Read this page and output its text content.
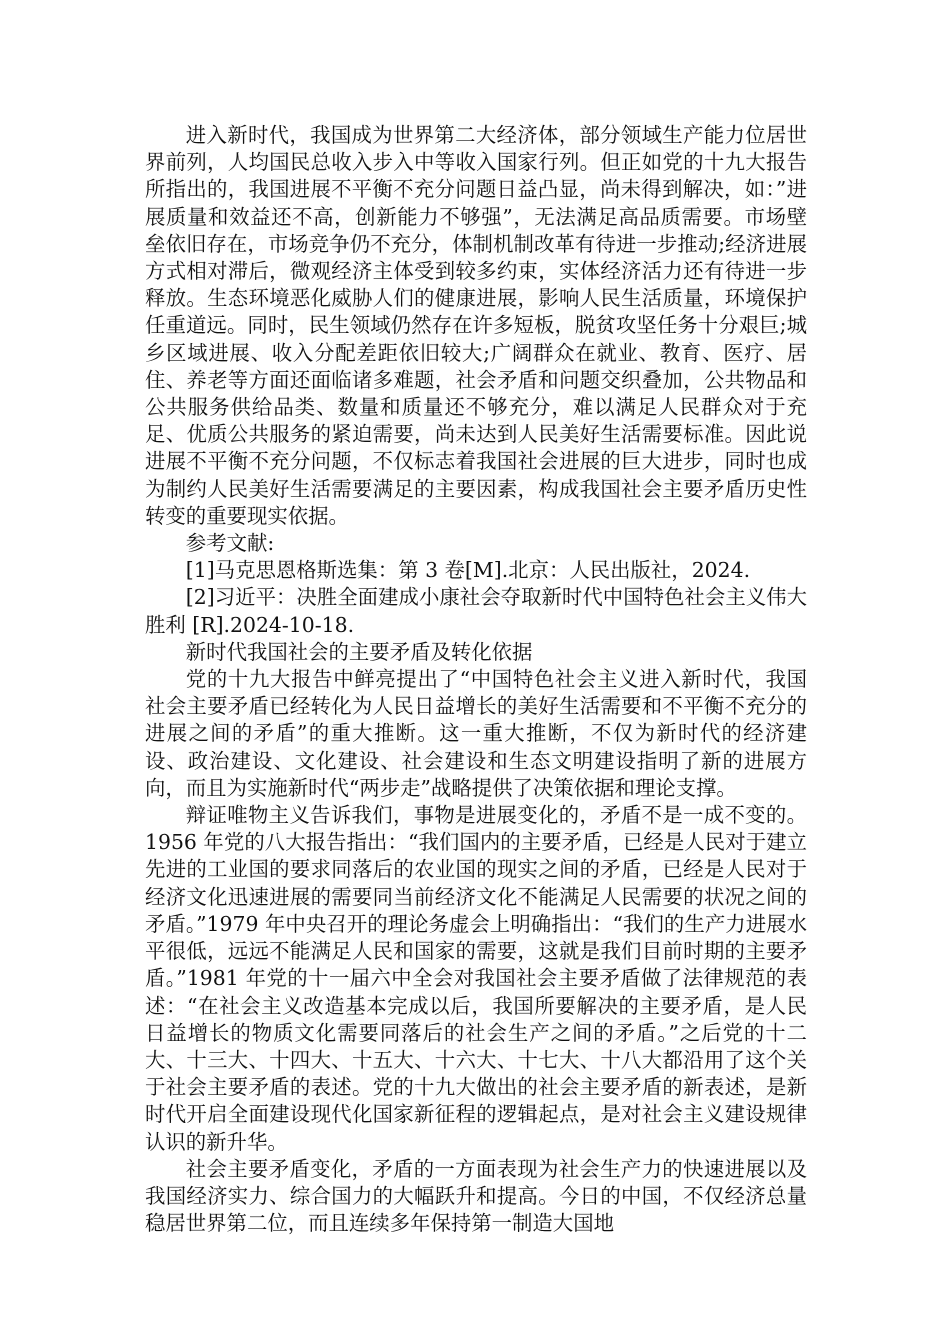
进入新时代，我国成为世界第二大经济体，部分领域生产能力位居世界前列，人均国民总收入步入中等收入国家行列。但正如党的十九大报告所指出的，我国进展不平衡不充分问题日益凸显，尚未得到解决，如：”进展质量和效益还不高，创新能力不够强”，无法满足高品质需要。市场壁垒依旧存在，市场竞争仍不充分，体制机制改革有待进一步推动;经济进展方式相对滞后，微观经济主体受到较多约束，实体经济活力还有待进一步释放。生态环境恶化威胁人们的健康进展，影响人民生活质量，环境保护任重道远。同时，民生领域仍然存在许多短板，脱贫攻坚任务十分艰巨;城乡区域进展、收入分配差距依旧较大;广阔群众在就业、教育、医疗、居住、养老等方面还面临诸多难题，社会矛盾和问题交织叠加，公共物品和公共服务供给品类、数量和质量还不够充分，难以满足人民群众对于充足、优质公共服务的紧迫需要，尚未达到人民美好生活需要标准。因此说进展不平衡不充分问题，不仅标志着我国社会进展的巨大进步，同时也成为制约人民美好生活需要满足的主要因素，构成我国社会主要矛盾历史性转变的重要现实依据。

参考文献:

[1]马克思恩格斯选集：第 3 卷[M].北京：人民出版社，2024.

[2]习近平：决胜全面建成小康社会夺取新时代中国特色社会主义伟大胜利 [R].2024-10-18.

新时代我国社会的主要矛盾及转化依据

党的十九大报告中鲜亮提出了“中国特色社会主义进入新时代，我国社会主要矛盾已经转化为人民日益增长的美好生活需要和不平衡不充分的进展之间的矛盾”的重大推断。这一重大推断，不仅为新时代的经济建设、政治建设、文化建设、社会建设和生态文明建设指明了新的进展方向，而且为实施新时代“两步走”战略提供了决策依据和理论支撑。

辩证唯物主义告诉我们，事物是进展变化的，矛盾不是一成不变的。1956 年党的八大报告指出：“我们国内的主要矛盾，已经是人民对于建立先进的工业国的要求同落后的农业国的现实之间的矛盾，已经是人民对于经济文化迅速进展的需要同当前经济文化不能满足人民需要的状况之间的矛盾。”1979 年中央召开的理论务虚会上明确指出：“我们的生产力进展水平很低，远远不能满足人民和国家的需要，这就是我们目前时期的主要矛盾。”1981 年党的十一届六中全会对我国社会主要矛盾做了法律规范的表述：“在社会主义改造基本完成以后，我国所要解决的主要矛盾，是人民日益增长的物质文化需要同落后的社会生产之间的矛盾。”之后党的十二大、十三大、十四大、十五大、十六大、十七大、十八大都沿用了这个关于社会主要矛盾的表述。党的十九大做出的社会主要矛盾的新表述，是新时代开启全面建设现代化国家新征程的逻辑起点，是对社会主义建设规律认识的新升华。

社会主要矛盾变化，矛盾的一方面表现为社会生产力的快速进展以及我国经济实力、综合国力的大幅跃升和提高。今日的中国，不仅经济总量稳居世界第二位，而且连续多年保持第一制造大国地
